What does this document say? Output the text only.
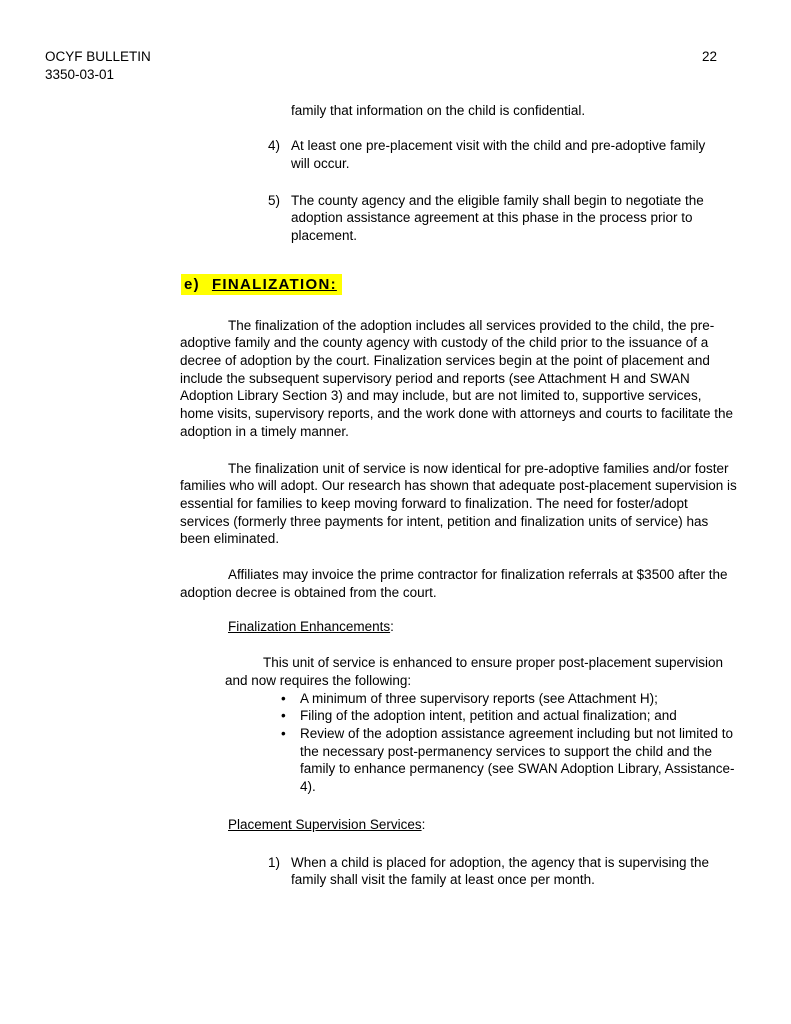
OCYF BULLETIN
3350-03-01
22

family that information on the child is confidential.

4) At least one pre-placement visit with the child and pre-adoptive family will occur.
5) The county agency and the eligible family shall begin to negotiate the adoption assistance agreement at this phase in the process prior to placement.
e) FINALIZATION:

The finalization of the adoption includes all services provided to the child, the pre-adoptive family and the county agency with custody of the child prior to the issuance of a decree of adoption by the court. Finalization services begin at the point of placement and include the subsequent supervisory period and reports (see Attachment H and SWAN Adoption Library Section 3) and may include, but are not limited to, supportive services, home visits, supervisory reports, and the work done with attorneys and courts to facilitate the adoption in a timely manner.

The finalization unit of service is now identical for pre-adoptive families and/or foster families who will adopt. Our research has shown that adequate post-placement supervision is essential for families to keep moving forward to finalization. The need for foster/adopt services (formerly three payments for intent, petition and finalization units of service) has been eliminated.

Affiliates may invoice the prime contractor for finalization referrals at $3500 after the adoption decree is obtained from the court.

Finalization Enhancements:

This unit of service is enhanced to ensure proper post-placement supervision and now requires the following:

•	A minimum of three supervisory reports (see Attachment H);
•	Filing of the adoption intent, petition and actual finalization; and
•	Review of the adoption assistance agreement including but not limited to the necessary post-permanency services to support the child and the family to enhance permanency (see SWAN Adoption Library, Assistance-4).

Placement Supervision Services:

1) When a child is placed for adoption, the agency that is supervising the family shall visit the family at least once per month.
